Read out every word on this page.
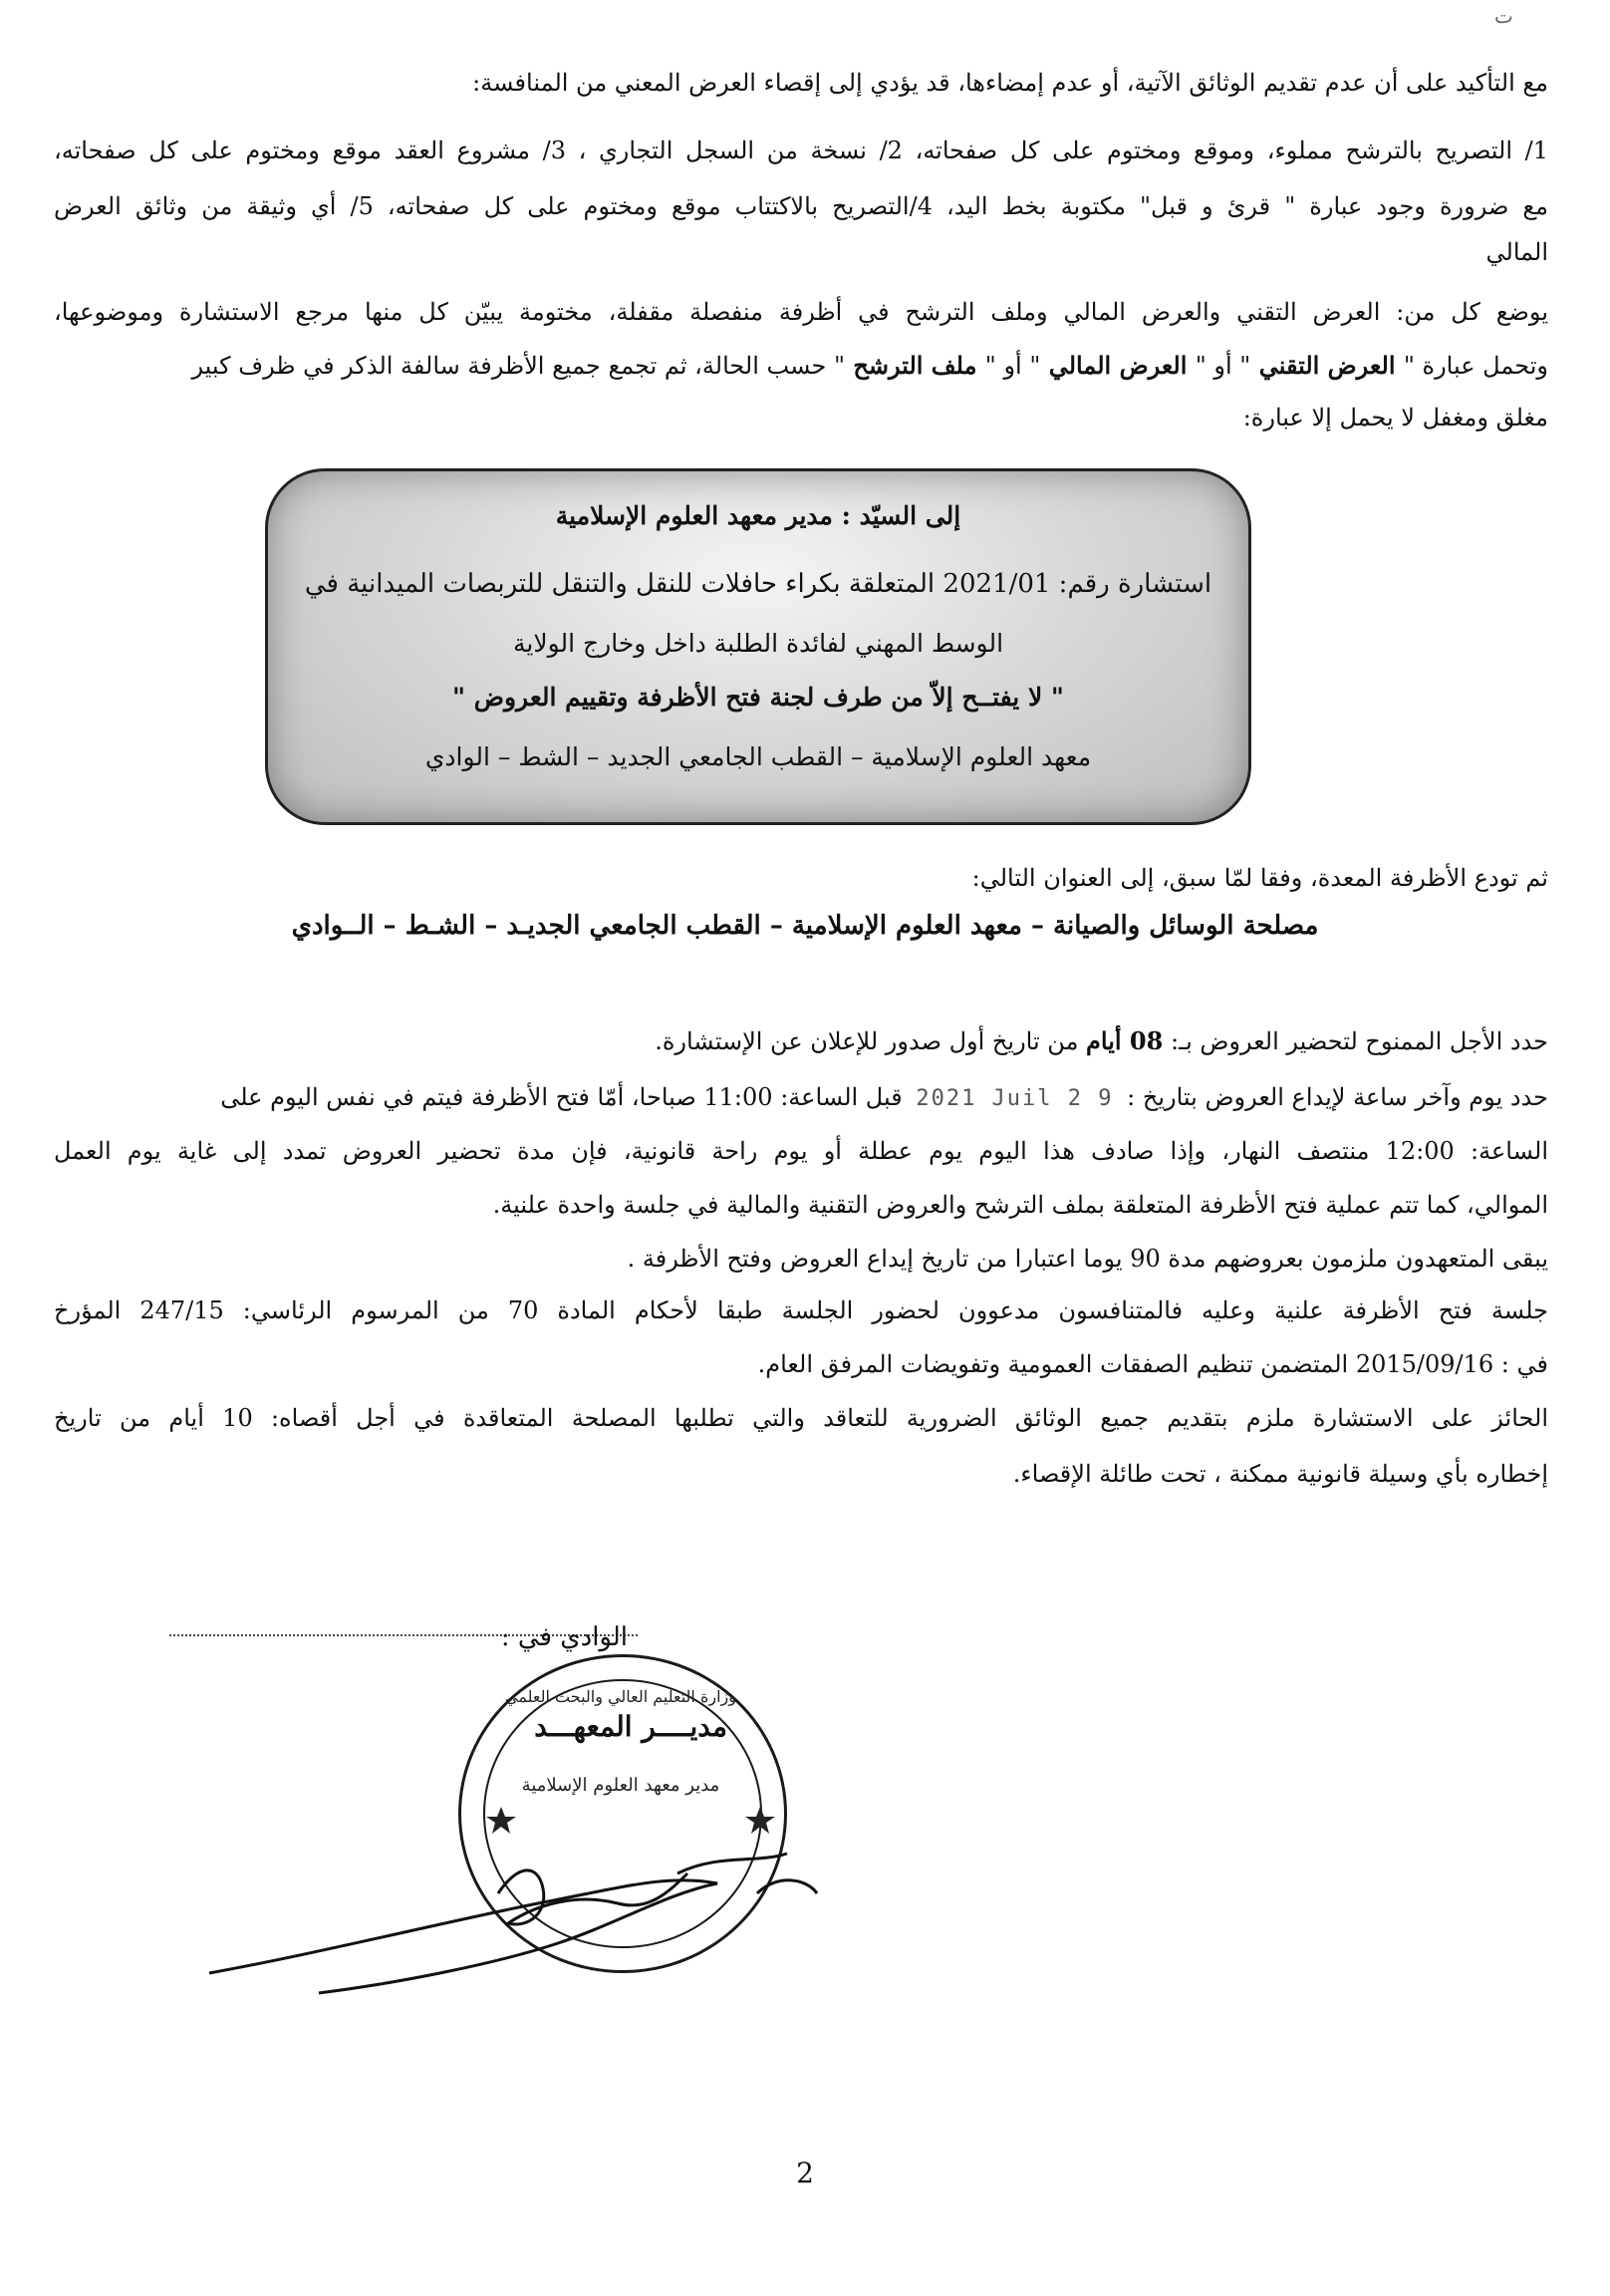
ت
مع التأكيد على أن عدم تقديم الوثائق الآتية، أو عدم إمضاءها، قد يؤدي إلى إقصاء العرض المعني من المنافسة:
1/ التصريح بالترشح مملوء، وموقع ومختوم على كل صفحاته، 2/ نسخة من السجل التجاري ، 3/ مشروع العقد موقع ومختوم على كل صفحاته،
مع ضرورة وجود عبارة " قرئ و قبل" مكتوبة بخط اليد، 4/التصريح بالاكتتاب موقع ومختوم على كل صفحاته، 5/ أي وثيقة من وثائق العرض
المالي
يوضع كل من: العرض التقني والعرض المالي وملف الترشح في أظرفة منفصلة مقفلة، مختومة يبيّن كل منها مرجع الاستشارة وموضوعها،
وتحمل عبارة " العرض التقني " أو " العرض المالي " أو " ملف الترشح " حسب الحالة، ثم تجمع جميع الأظرفة سالفة الذكر في ظرف كبير
مغلق ومغفل لا يحمل إلا عبارة:
إلى السيّد : مدير معهد العلوم الإسلامية
استشارة رقم: 2021/01 المتعلقة بكراء حافلات للنقل والتنقل للتربصات الميدانية في
الوسط المهني لفائدة الطلبة داخل وخارج الولاية
" لا يفتــح إلاّ من طرف لجنة فتح الأظرفة وتقييم العروض "
معهد العلوم الإسلامية – القطب الجامعي الجديد – الشط – الوادي
ثم تودع الأظرفة المعدة، وفقا لمّا سبق، إلى العنوان التالي:
مصلحة الوسائل والصيانة – معهد العلوم الإسلامية – القطب الجامعي الجديـد – الشـط – الــوادي
حدد الأجل الممنوح لتحضير العروض بـ: 08 أيام من تاريخ أول صدور للإعلان عن الإستشارة.
حدد يوم وآخر ساعة لإيداع العروض بتاريخ : 2021 Juil 2 9 قبل الساعة: 11:00 صباحا، أمّا فتح الأظرفة فيتم في نفس اليوم على
الساعة: 12:00 منتصف النهار، وإذا صادف هذا اليوم يوم عطلة أو يوم راحة قانونية، فإن مدة تحضير العروض تمدد إلى غاية يوم العمل
الموالي، كما تتم عملية فتح الأظرفة المتعلقة بملف الترشح والعروض التقنية والمالية في جلسة واحدة علنية.
يبقى المتعهدون ملزمون بعروضهم مدة 90 يوما اعتبارا من تاريخ إيداع العروض وفتح الأظرفة .
جلسة فتح الأظرفة علنية وعليه فالمتنافسون مدعوون لحضور الجلسة طبقا لأحكام المادة 70 من المرسوم الرئاسي: 247/15 المؤرخ
في : 2015/09/16 المتضمن تنظيم الصفقات العمومية وتفويضات المرفق العام.
الحائز على الاستشارة ملزم بتقديم جميع الوثائق الضرورية للتعاقد والتي تطلبها المصلحة المتعاقدة في أجل أقصاه: 10 أيام من تاريخ
إخطاره بأي وسيلة قانونية ممكنة ، تحت طائلة الإقصاء.
الوادي في :
مديــــر المعهـــد
وزارة التعليم العالي والبحث العلمي
مدير معهد العلوم الإسلامية
2
